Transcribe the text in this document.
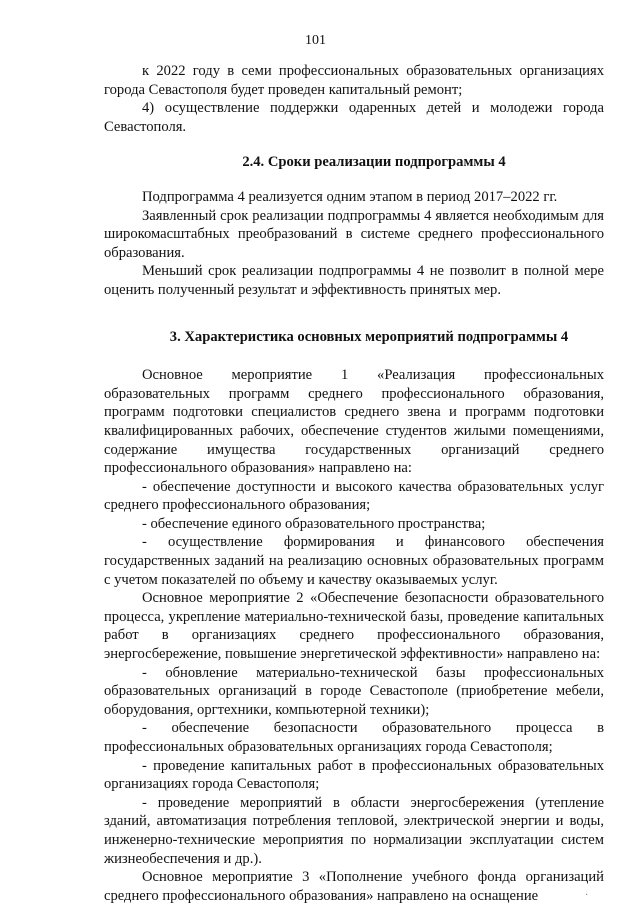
101

к 2022 году в семи профессиональных образовательных организациях города Севастополя будет проведен капитальный ремонт;

4) осуществление поддержки одаренных детей и молодежи города Севастополя.

2.4. Сроки реализации подпрограммы 4

Подпрограмма 4 реализуется одним этапом в период 2017–2022 гг.

Заявленный срок реализации подпрограммы 4 является необходимым для широкомасштабных преобразований в системе среднего профессионального образования.

Меньший срок реализации подпрограммы 4 не позволит в полной мере оценить полученный результат и эффективность принятых мер.

3. Характеристика основных мероприятий подпрограммы 4

Основное мероприятие 1 «Реализация профессиональных образовательных программ среднего профессионального образования, программ подготовки специалистов среднего звена и программ подготовки квалифицированных рабочих, обеспечение студентов жилыми помещениями, содержание имущества государственных организаций среднего профессионального образования» направлено на:

- обеспечение доступности и высокого качества образовательных услуг среднего профессионального образования;

- обеспечение единого образовательного пространства;

- осуществление формирования и финансового обеспечения государственных заданий на реализацию основных образовательных программ с учетом показателей по объему и качеству оказываемых услуг.

Основное мероприятие 2 «Обеспечение безопасности образовательного процесса, укрепление материально-технической базы, проведение капитальных работ в организациях среднего профессионального образования, энергосбережение, повышение энергетической эффективности» направлено на:

- обновление материально-технической базы профессиональных образовательных организаций в городе Севастополе (приобретение мебели, оборудования, оргтехники, компьютерной техники);

- обеспечение безопасности образовательного процесса в профессиональных образовательных организациях города Севастополя;

- проведение капитальных работ в профессиональных образовательных организациях города Севастополя;

- проведение мероприятий в области энергосбережения (утепление зданий, автоматизация потребления тепловой, электрической энергии и воды, инженерно-технические мероприятия по нормализации эксплуатации систем жизнеобеспечения и др.).

Основное мероприятие 3 «Пополнение учебного фонда организаций среднего профессионального образования» направлено на оснащение	·
